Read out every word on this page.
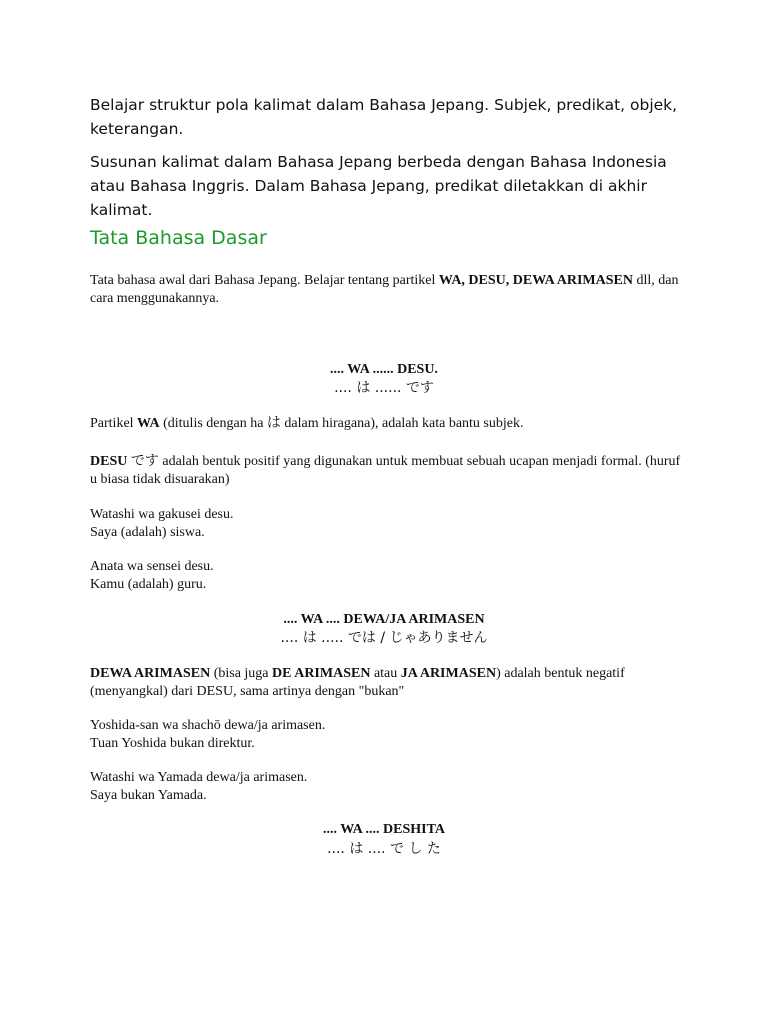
Belajar struktur pola kalimat dalam Bahasa Jepang. Subjek, predikat, objek, keterangan.
Susunan kalimat dalam Bahasa Jepang berbeda dengan Bahasa Indonesia atau Bahasa Inggris. Dalam Bahasa Jepang, predikat diletakkan di akhir kalimat.
Tata Bahasa Dasar

Tata bahasa awal dari Bahasa Jepang. Belajar tentang partikel WA, DESU, DEWA ARIMASEN dll, dan cara menggunakannya.

.... WA ...... DESU.
.... は ...... です

Partikel WA (ditulis dengan ha は dalam hiragana), adalah kata bantu subjek.

DESU です adalah bentuk positif yang digunakan untuk membuat sebuah ucapan menjadi formal. (huruf u biasa tidak disuarakan)

Watashi wa gakusei desu.
Saya (adalah) siswa.

Anata wa sensei desu.
Kamu (adalah) guru.

.... WA .... DEWA/JA ARIMASEN
.... は ..... では / じゃありません

DEWA ARIMASEN (bisa juga DE ARIMASEN atau JA ARIMASEN) adalah bentuk negatif (menyangkal) dari DESU, sama artinya dengan "bukan"

Yoshida-san wa shachō dewa/ja arimasen.
Tuan Yoshida bukan direktur.

Watashi wa Yamada dewa/ja arimasen.
Saya bukan Yamada.

.... WA .... DESHITA
.... は .... で し た
